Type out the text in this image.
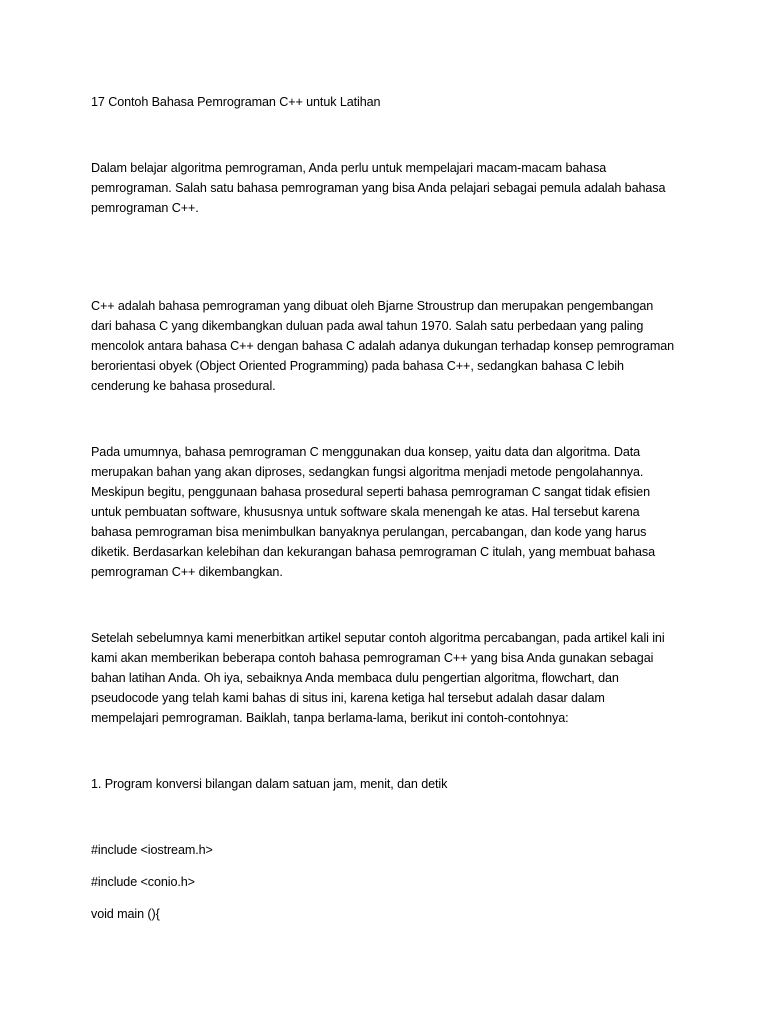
17 Contoh Bahasa Pemrograman C++ untuk Latihan

Dalam belajar algoritma pemrograman, Anda perlu untuk mempelajari macam-macam bahasa

pemrograman. Salah satu bahasa pemrograman yang bisa Anda pelajari sebagai pemula adalah bahasa

pemrograman C++.

C++ adalah bahasa pemrograman yang dibuat oleh Bjarne Stroustrup dan merupakan pengembangan

dari bahasa C yang dikembangkan duluan pada awal tahun 1970. Salah satu perbedaan yang paling

mencolok antara bahasa C++ dengan bahasa C adalah adanya dukungan terhadap konsep pemrograman

berorientasi obyek (Object Oriented Programming) pada bahasa C++, sedangkan bahasa C lebih

cenderung ke bahasa prosedural.

Pada umumnya, bahasa pemrograman C menggunakan dua konsep, yaitu data dan algoritma. Data

merupakan bahan yang akan diproses, sedangkan fungsi algoritma menjadi metode pengolahannya.

Meskipun begitu, penggunaan bahasa prosedural seperti bahasa pemrograman C sangat tidak efisien

untuk pembuatan software, khususnya untuk software skala menengah ke atas. Hal tersebut karena

bahasa pemrograman bisa menimbulkan banyaknya perulangan, percabangan, dan kode yang harus

diketik. Berdasarkan kelebihan dan kekurangan bahasa pemrograman C itulah, yang membuat bahasa

pemrograman C++ dikembangkan.

Setelah sebelumnya kami menerbitkan artikel seputar contoh algoritma percabangan, pada artikel kali ini

kami akan memberikan beberapa contoh bahasa pemrograman C++ yang bisa Anda gunakan sebagai

bahan latihan Anda. Oh iya, sebaiknya Anda membaca dulu pengertian algoritma, flowchart, dan

pseudocode yang telah kami bahas di situs ini, karena ketiga hal tersebut adalah dasar dalam

mempelajari pemrograman. Baiklah, tanpa berlama-lama, berikut ini contoh-contohnya:

1. Program konversi bilangan dalam satuan jam, menit, dan detik

#include <iostream.h>

#include <conio.h>

void main (){
